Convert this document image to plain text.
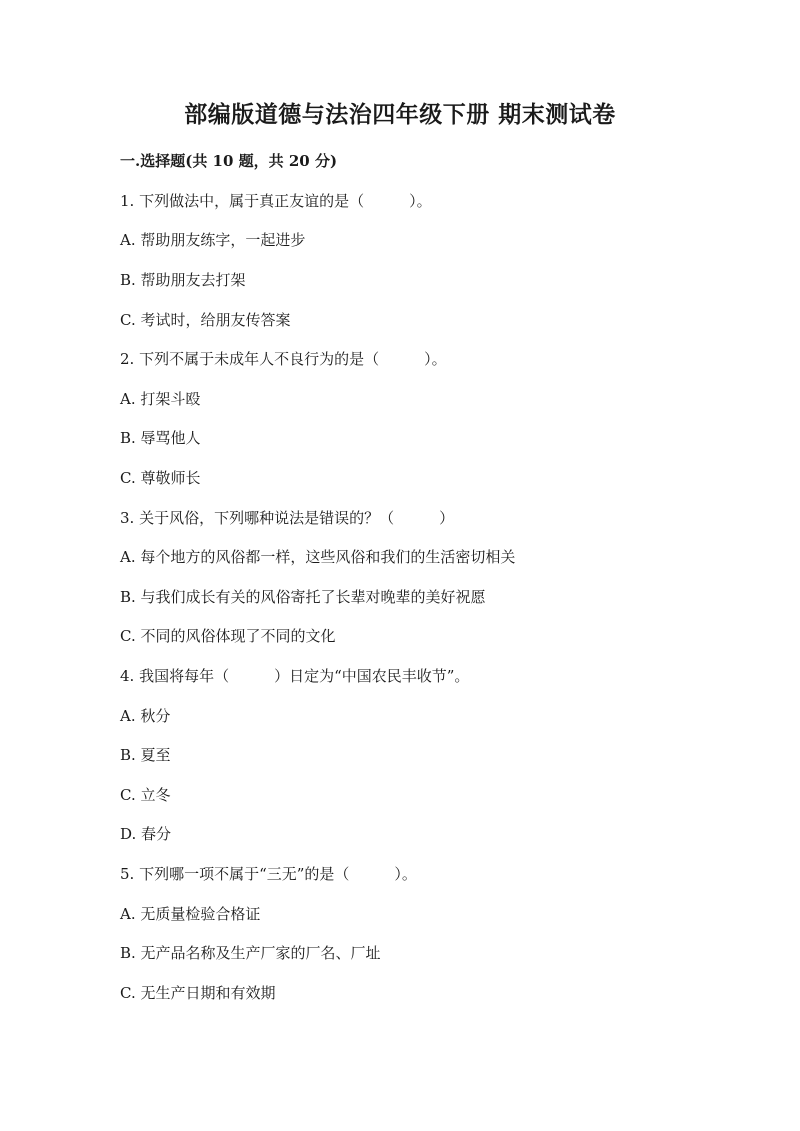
部编版道德与法治四年级下册 期末测试卷
一.选择题(共 10 题，共 20 分)
1. 下列做法中，属于真正友谊的是（　　　）。
A. 帮助朋友练字，一起进步
B. 帮助朋友去打架
C. 考试时，给朋友传答案
2. 下列不属于未成年人不良行为的是（　　　）。
A. 打架斗殴
B. 辱骂他人
C. 尊敬师长
3. 关于风俗，下列哪种说法是错误的？（　　　）
A. 每个地方的风俗都一样，这些风俗和我们的生活密切相关
B. 与我们成长有关的风俗寄托了长辈对晚辈的美好祝愿
C. 不同的风俗体现了不同的文化
4. 我国将每年（　　　）日定为“中国农民丰收节”。
A. 秋分
B. 夏至
C. 立冬
D. 春分
5. 下列哪一项不属于“三无”的是（　　　）。
A. 无质量检验合格证
B. 无产品名称及生产厂家的厂名、厂址
C. 无生产日期和有效期
